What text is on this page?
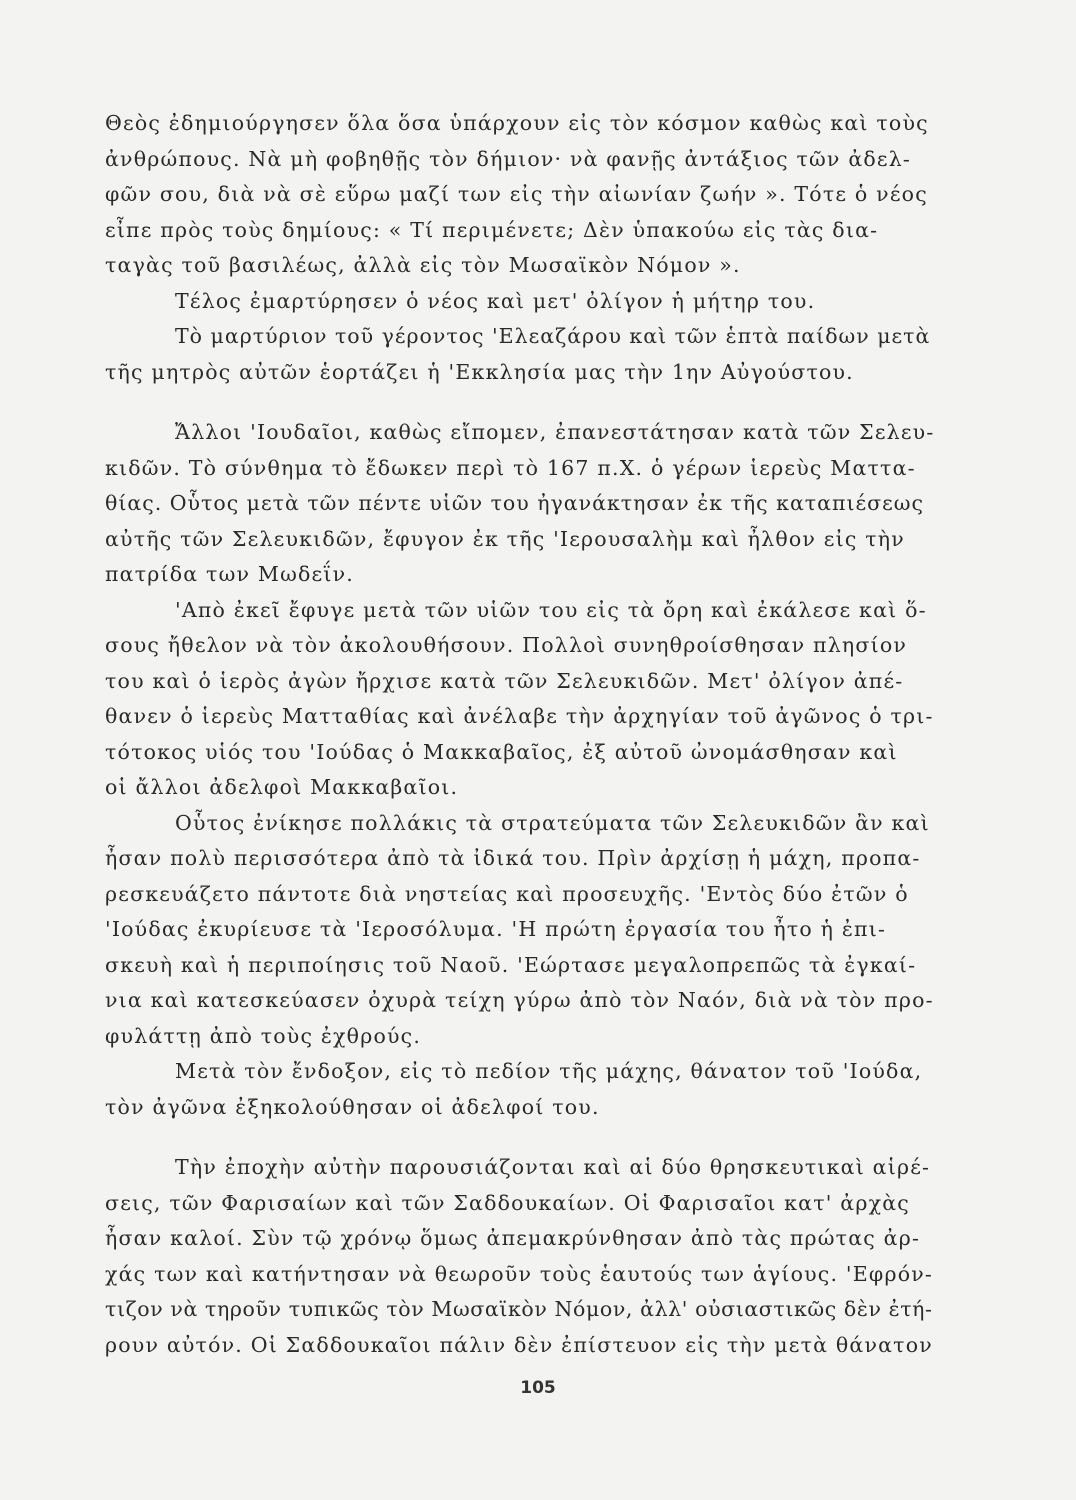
Θεὸς ἐδημιούργησεν ὅλα ὅσα ὑπάρχουν εἰς τὸν κόσμον καθὼς καὶ τοὺς
ἀνθρώπους. Νὰ μὴ φοβηθῇς τὸν δήμιον· νὰ φανῇς ἀντάξιος τῶν ἀδελ-
φῶν σου, διὰ νὰ σὲ εὕρω μαζί των εἰς τὴν αἰωνίαν ζωήν ». Τότε ὁ νέος
εἶπε πρὸς τοὺς δημίους: « Τί περιμένετε; Δὲν ὑπακούω εἰς τὰς δια-
ταγὰς τοῦ βασιλέως, ἀλλὰ εἰς τὸν Μωσαϊκὸν Νόμον ».
Τέλος ἐμαρτύρησεν ὁ νέος καὶ μετ' ὀλίγον ἡ μήτηρ του.
Τὸ μαρτύριον τοῦ γέροντος 'Ελεαζάρου καὶ τῶν ἑπτὰ παίδων μετὰ
τῆς μητρὸς αὐτῶν ἑορτάζει ἡ 'Εκκλησία μας τὴν 1ην Αὐγούστου.
Ἄλλοι 'Ιουδαῖοι, καθὼς εἴπομεν, ἐπανεστάτησαν κατὰ τῶν Σελευ-
κιδῶν. Τὸ σύνθημα τὸ ἔδωκεν περὶ τὸ 167 π.Χ. ὁ γέρων ἱερεὺς Ματτα-
θίας. Οὗτος μετὰ τῶν πέντε υἱῶν του ἠγανάκτησαν ἐκ τῆς καταπιέσεως
αὐτῆς τῶν Σελευκιδῶν, ἔφυγον ἐκ τῆς 'Ιερουσαλὴμ καὶ ἦλθον εἰς τὴν
πατρίδα των Μωδεΐν.
'Απὸ ἐκεῖ ἔφυγε μετὰ τῶν υἱῶν του εἰς τὰ ὄρη καὶ ἐκάλεσε καὶ ὅ-
σους ἤθελον νὰ τὸν ἀκολουθήσουν. Πολλοὶ συνηθροίσθησαν πλησίον
του καὶ ὁ ἱερὸς ἀγὼν ἤρχισε κατὰ τῶν Σελευκιδῶν. Μετ' ὀλίγον ἀπέ-
θανεν ὁ ἱερεὺς Ματταθίας καὶ ἀνέλαβε τὴν ἀρχηγίαν τοῦ ἀγῶνος ὁ τρι-
τότοκος υἱός του 'Ιούδας ὁ Μακκαβαῖος, ἐξ αὐτοῦ ὠνομάσθησαν καὶ
οἱ ἄλλοι ἀδελφοὶ Μακκαβαῖοι.
Οὗτος ἐνίκησε πολλάκις τὰ στρατεύματα τῶν Σελευκιδῶν ἂν καὶ
ἦσαν πολὺ περισσότερα ἀπὸ τὰ ἰδικά του. Πρὶν ἀρχίσῃ ἡ μάχη, προπα-
ρεσκευάζετο πάντοτε διὰ νηστείας καὶ προσευχῆς. 'Εντὸς δύο ἐτῶν ὁ
'Ιούδας ἐκυρίευσε τὰ 'Ιεροσόλυμα. 'Η πρώτη ἐργασία του ἦτο ἡ ἐπι-
σκευὴ καὶ ἡ περιποίησις τοῦ Ναοῦ. 'Εώρτασε μεγαλοπρεπῶς τὰ ἐγκαί-
νια καὶ κατεσκεύασεν ὀχυρὰ τείχη γύρω ἀπὸ τὸν Ναόν, διὰ νὰ τὸν προ-
φυλάττῃ ἀπὸ τοὺς ἐχθρούς.
Μετὰ τὸν ἔνδοξον, εἰς τὸ πεδίον τῆς μάχης, θάνατον τοῦ 'Ιούδα,
τὸν ἀγῶνα ἐξηκολούθησαν οἱ ἀδελφοί του.
Τὴν ἐποχὴν αὐτὴν παρουσιάζονται καὶ αἱ δύο θρησκευτικαὶ αἱρέ-
σεις, τῶν Φαρισαίων καὶ τῶν Σαδδουκαίων. Οἱ Φαρισαῖοι κατ' ἀρχὰς
ἦσαν καλοί. Σὺν τῷ χρόνῳ ὅμως ἀπεμακρύνθησαν ἀπὸ τὰς πρώτας ἀρ-
χάς των καὶ κατήντησαν νὰ θεωροῦν τοὺς ἑαυτούς των ἁγίους. 'Εφρόν-
τιζον νὰ τηροῦν τυπικῶς τὸν Μωσαϊκὸν Νόμον, ἀλλ' οὐσιαστικῶς δὲν ἐτή-
ρουν αὐτόν. Οἱ Σαδδουκαῖοι πάλιν δὲν ἐπίστευον εἰς τὴν μετὰ θάνατον
105
